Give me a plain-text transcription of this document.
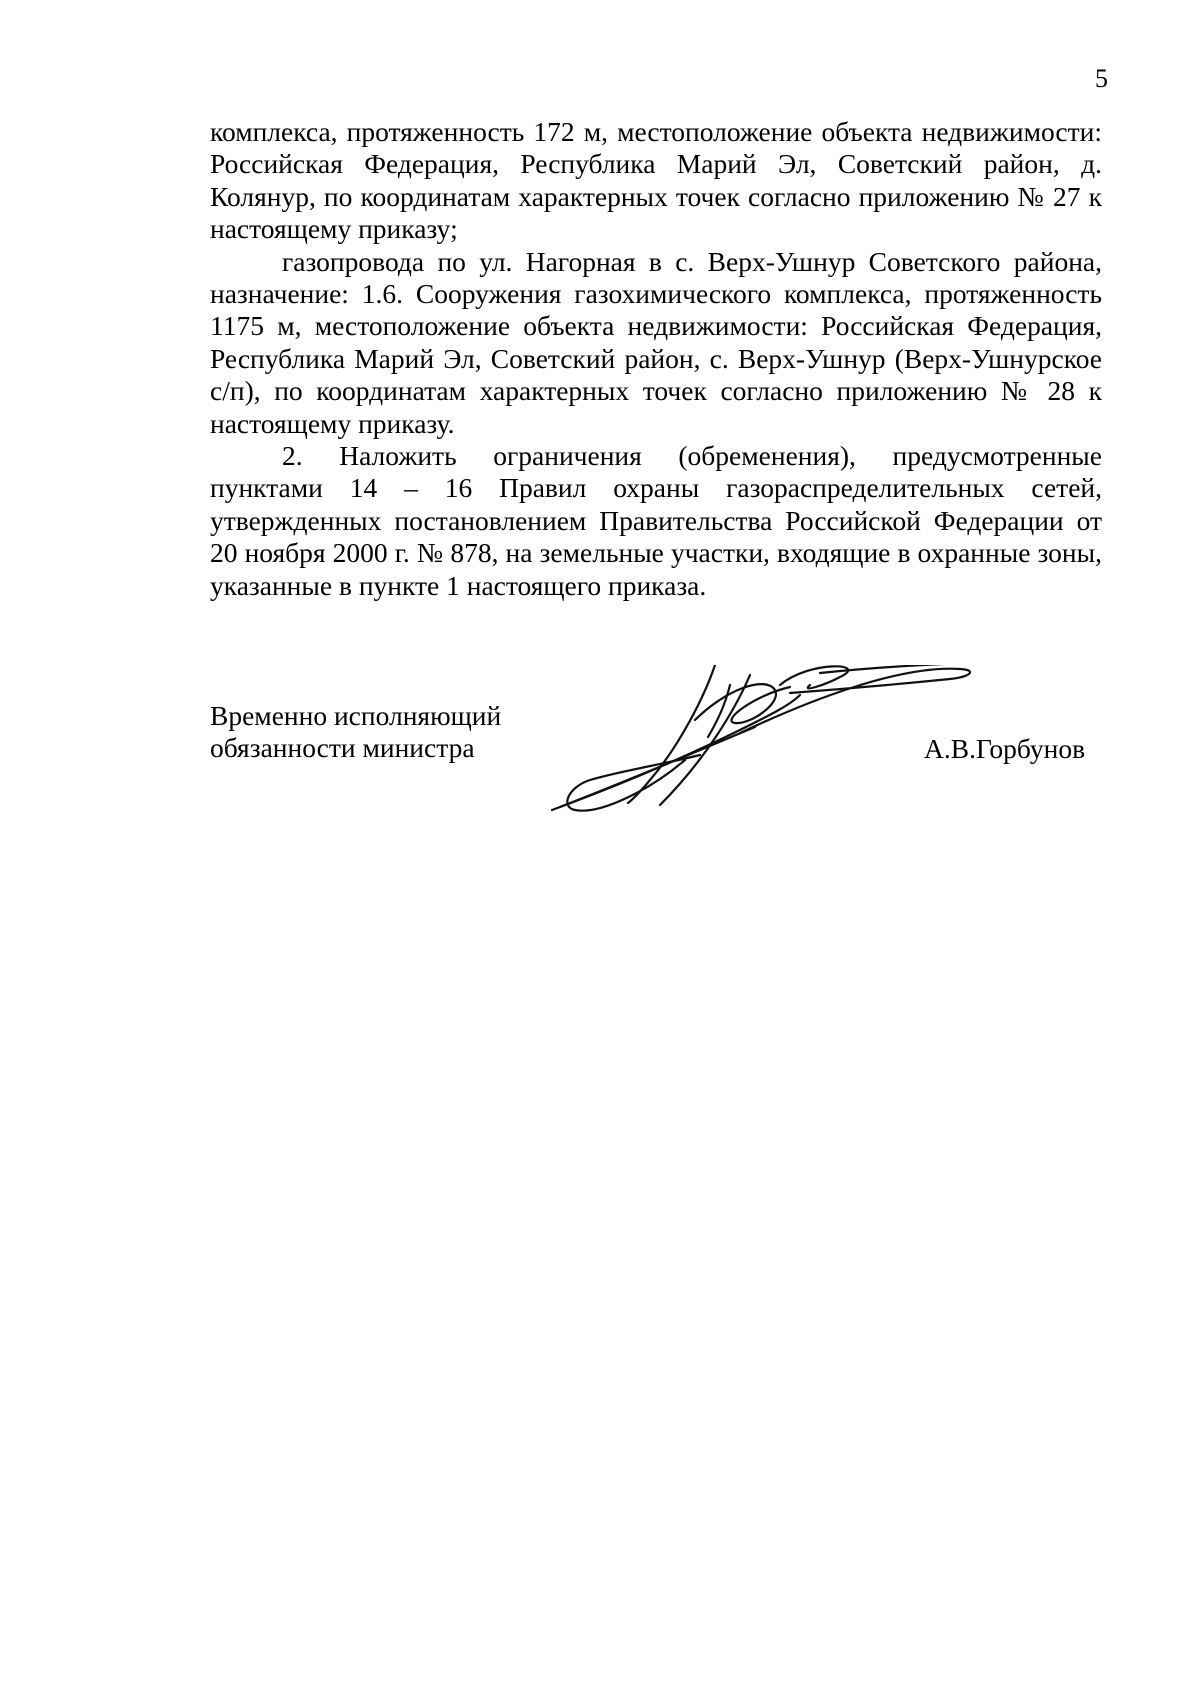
5

комплекса, протяженность 172 м, местоположение объекта недвижимости: Российская Федерация, Республика Марий Эл, Советский район, д. Колянур, по координатам характерных точек согласно приложению № 27 к настоящему приказу;

газопровода по ул. Нагорная в с. Верх-Ушнур Советского района, назначение: 1.6. Сооружения газохимического комплекса, протяженность 1175 м, местоположение объекта недвижимости: Российская Федерация, Республика Марий Эл, Советский район, с. Верх-Ушнур (Верх-Ушнурское с/п), по координатам характерных точек согласно приложению № 28 к настоящему приказу.

2. Наложить ограничения (обременения), предусмотренные пунктами 14 – 16 Правил охраны газораспределительных сетей, утвержденных постановлением Правительства Российской Федерации от 20 ноября 2000 г. № 878, на земельные участки, входящие в охранные зоны, указанные в пункте 1 настоящего приказа.

Временно исполняющий
обязанности министра	А.В.Горбунов
